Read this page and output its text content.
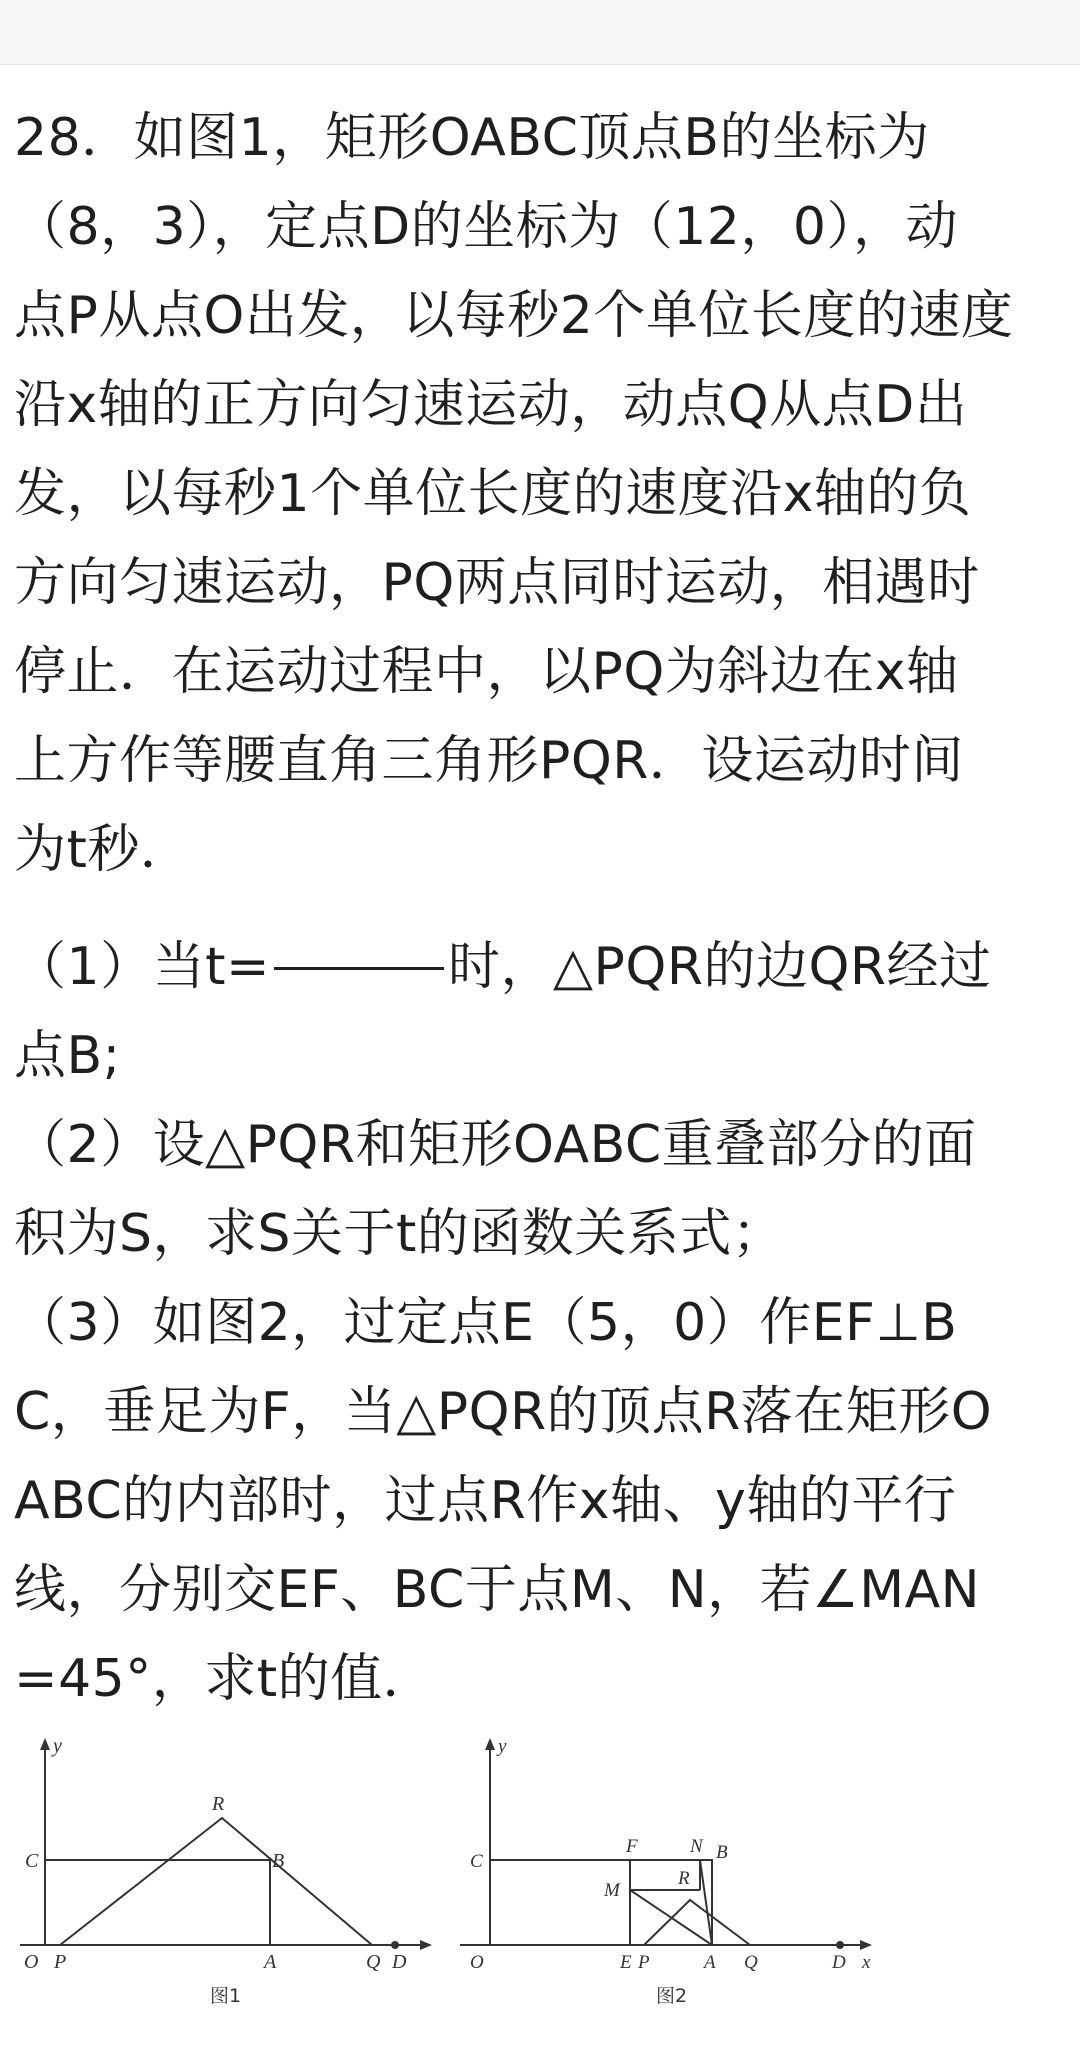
28．如图1，矩形OABC顶点B的坐标为

（8，3），定点D的坐标为（12，0），动

点P从点O出发，以每秒2个单位长度的速度

沿x轴的正方向匀速运动，动点Q从点D出

发，以每秒1个单位长度的速度沿x轴的负

方向匀速运动，PQ两点同时运动，相遇时

停止．在运动过程中，以PQ为斜边在x轴

上方作等腰直角三角形PQR．设运动时间

为t秒．

（1）当t=	时，△PQR的边QR经过

点B;

（2）设△PQR和矩形OABC重叠部分的面

积为S，求S关于t的函数关系式；

（3）如图2，过定点E（5，0）作EF⊥B

C，垂足为F，当△PQR的顶点R落在矩形O

ABC的内部时，过点R作x轴、y轴的平行

线，分别交EF、BC于点M、N，若∠MAN

=45°，求t的值．

y
R
C	B
O P	A	Q D
图1
y
C
F	N B
M
R
O	E P	A Q	D x
图2
